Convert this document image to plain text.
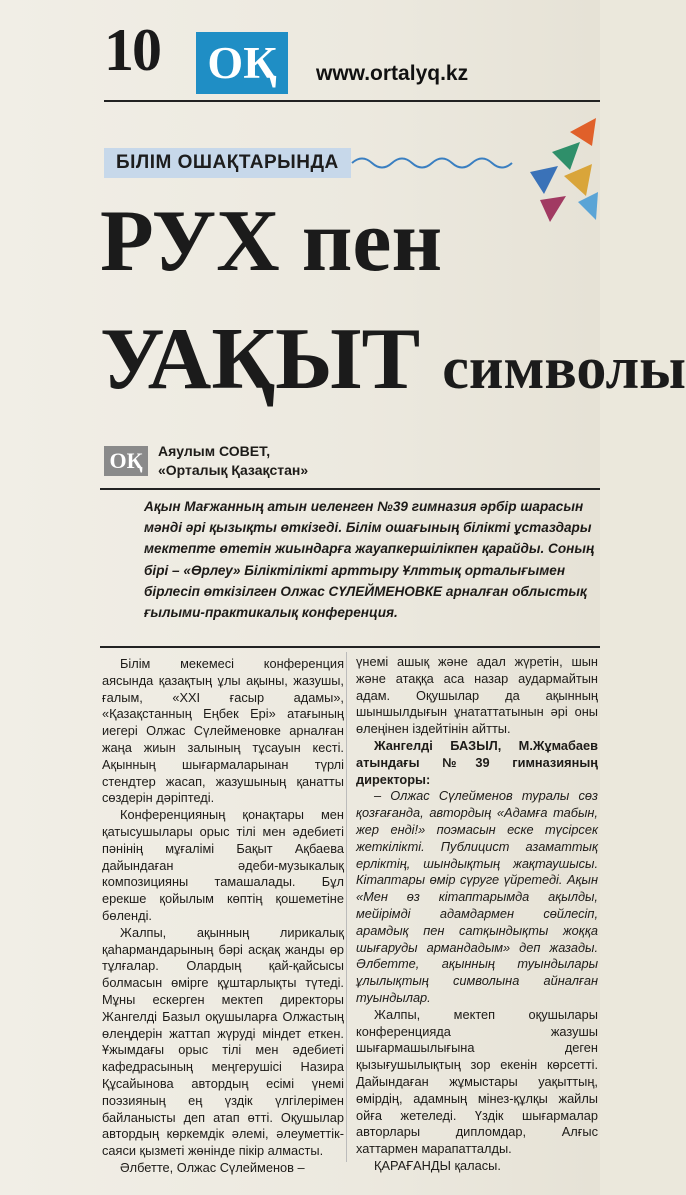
10 OҚ	www.ortalyq.kz
БІЛІМ ОШАҚТАРЫНДА
РУХ пен
УАҚЫТ символы
OҚ	Аяулым СОВЕТ,
«Орталық Қазақстан»
Ақын Мағжанның атын иеленген №39 гимназия әрбір шарасын мәнді әрі қызықты өткізеді. Білім ошағының білікті ұстаздары мектепте өтетін жиындарға жауапкершілікпен қарайды. Соның бірі – «Өрлеу» Біліктілікті арттыру Ұлттық орталығымен бірлесіп өткізілген Олжас СҮЛЕЙМЕНОВКЕ арналған облыстық ғылыми-практикалық конференция.

Білім мекемесі конференция аясында қазақтың ұлы ақыны, жазушы, ғалым, «XXI ғасыр адамы», «Қазақстанның Еңбек Ері» атағының иегері Олжас Сүлейменовке арналған жаңа жиын залының тұсауын кесті. Ақынның шығармаларынан түрлі стендтер жасап, жазушының қанатты сөздерін дәріптеді.

Конференцияның қонақтары мен қатысушылары орыс тілі мен әдебиеті пәнінің мұғалімі Бақыт Ақбаева дайындаған әдеби-музыкалық композицияны тамашалады. Бұл ерекше қойылым көптің қошеметіне бөленді.

Жалпы, ақынның лирикалық қаһармандарының бәрі асқақ жанды өр тұлғалар. Олардың қай-қайсысы болмасын өмірге құштарлықты түтеді. Мұны ескерген мектеп директоры Жангелді Базыл оқушыларға Олжастың өлеңдерін жаттап жүруді міндет еткен. Ұжымдағы орыс тілі мен әдебиеті кафедрасының меңгерушісі Назира Құсайынова автордың есімі үнемі поэзияның ең үздік үлгілерімен байланысты деп атап өтті. Оқушылар автордың көркемдік әлемі, әлеуметтік-саяси қызметі жөнінде пікір алмасты.

Әлбетте, Олжас Сүлейменов –

үнемі ашық және адал жүретін, шын және атаққа аса назар аудармайтын адам. Оқушылар да ақынның шыншылдығын ұнататтатынын әрі оны өлеңінен іздейтінін айтты.

Жангелді БАЗЫЛ, М.Жұмабаев атындағы №39 гимназияның директоры:

– Олжас Сүлейменов туралы сөз қозғағанда, автордың «Адамға табын, жер енді!» поэмасын еске түсірсек жеткілікті. Публицист азаматтық ерліктің, шындықтың жақтаушысы. Кітаптары өмір сүруге үйретеді. Ақын «Мен өз кітаптарымда ақылды, мейірімді адамдармен сөйлесіп, арамдық пен сатқындықты жоққа шығаруды армандадым» деп жазады. Әлбетте, ақынның туындылары ұлылықтың символына айналған туындылар.

Жалпы, мектеп оқушылары конференцияда жазушы шығармашылығына деген қызығушылықтың зор екенін көрсетті. Дайындаған жұмыстары уақыттың, өмірдің, адамның мінез-құлқы жайлы ойға жетеледі. Үздік шығармалар авторлары дипломдар, Алғыс хаттармен марапатталды.

ҚАРАҒАНДЫ қаласы.
